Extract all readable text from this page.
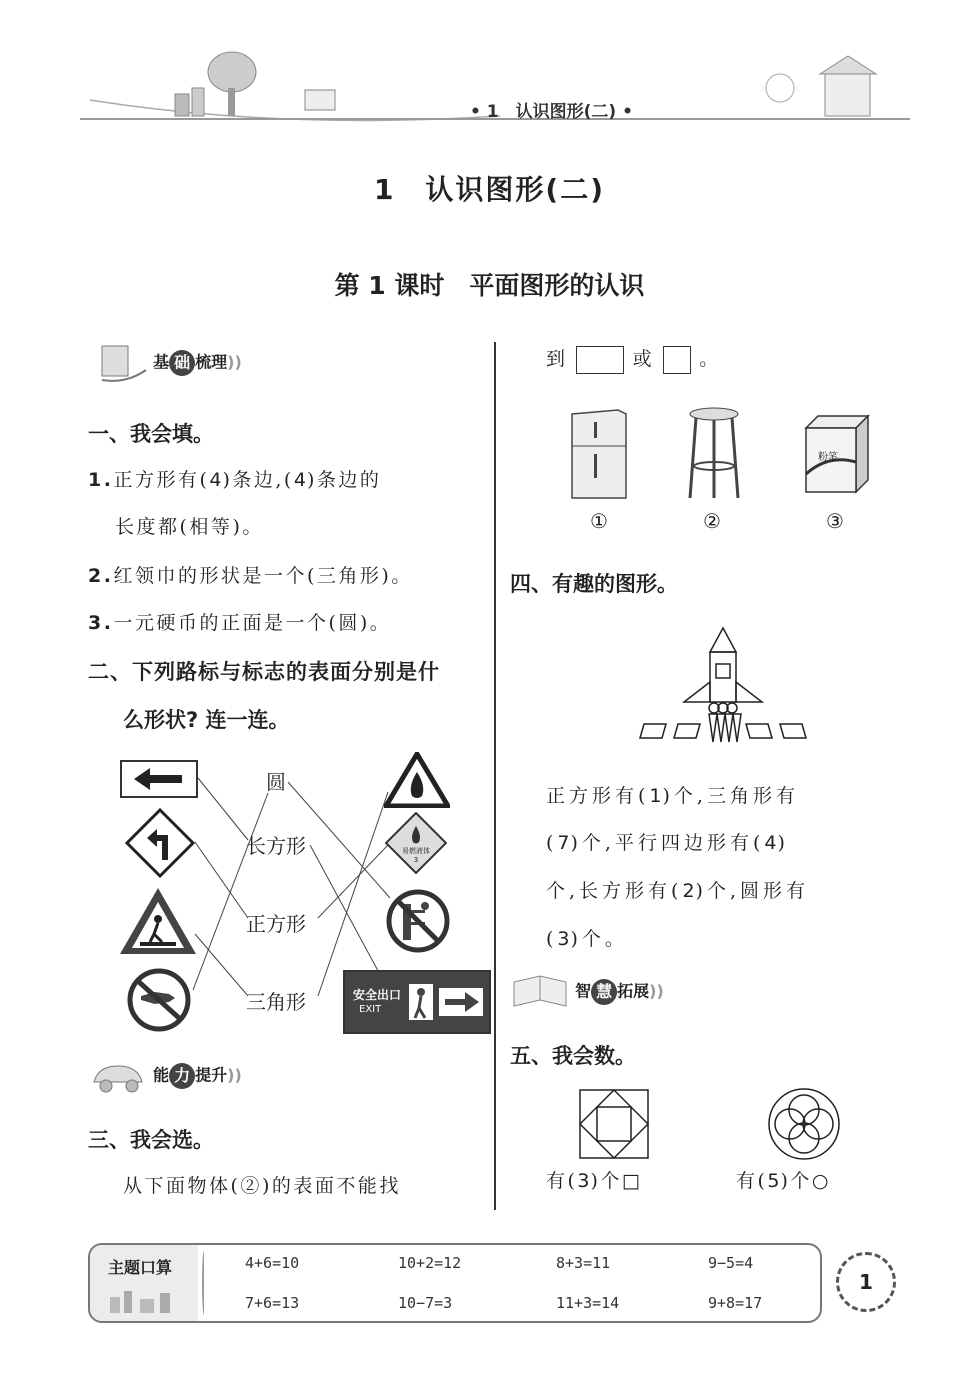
• 1　认识图形(二) •
1　认识图形(二)
第 1 课时　平面图形的认识
基 础 梳理))
一、我会填。
1.正方形有(4)条边,(4)条边的
长度都(相等)。
2.红领巾的形状是一个(三角形)。
3.一元硬币的正面是一个(圆)。
二、下列路标与标志的表面分别是什
么形状? 连一连。
圆
长方形
正方形
三角形
易燃液体
3
安全出口
EXIT
能 力 提升))
三、我会选。
从下面物体(②)的表面不能找
到	或 。
粉笔
①	②	③
四、有趣的图形。
正方形有(1)个,三角形有
(7)个,平行四边形有(4)
个,长方形有(2)个,圆形有
(3)个。
智 慧 拓展))
五、我会数。
有(3)个□	有(5)个○
主题口算	4+6=10	10+2=12	8+3=11	9−5=4
7+6=13	10−7=3	11+3=14	9+8=17
1
